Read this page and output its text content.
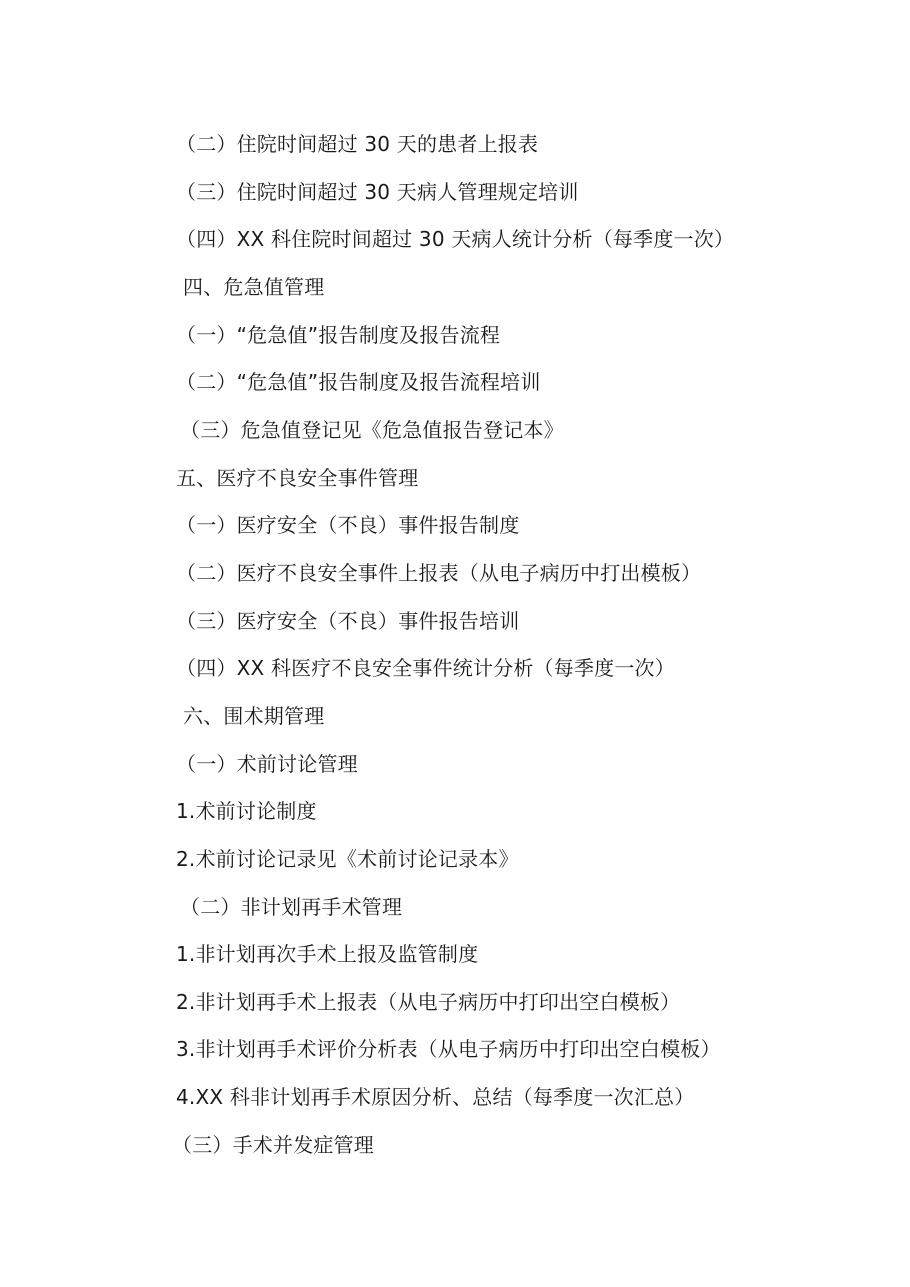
（二）住院时间超过 30 天的患者上报表
（三）住院时间超过 30 天病人管理规定培训
（四）XX 科住院时间超过 30 天病人统计分析（每季度一次）
四、危急值管理
（一）“危急值”报告制度及报告流程
（二）“危急值”报告制度及报告流程培训
（三）危急值登记见《危急值报告登记本》
五、医疗不良安全事件管理
（一）医疗安全（不良）事件报告制度
（二）医疗不良安全事件上报表（从电子病历中打出模板）
（三）医疗安全（不良）事件报告培训
（四）XX 科医疗不良安全事件统计分析（每季度一次）
六、围术期管理
（一）术前讨论管理
1.术前讨论制度
2.术前讨论记录见《术前讨论记录本》
（二）非计划再手术管理
1.非计划再次手术上报及监管制度
2.非计划再手术上报表（从电子病历中打印出空白模板）
3.非计划再手术评价分析表（从电子病历中打印出空白模板）
4.XX 科非计划再手术原因分析、总结（每季度一次汇总）
（三）手术并发症管理
